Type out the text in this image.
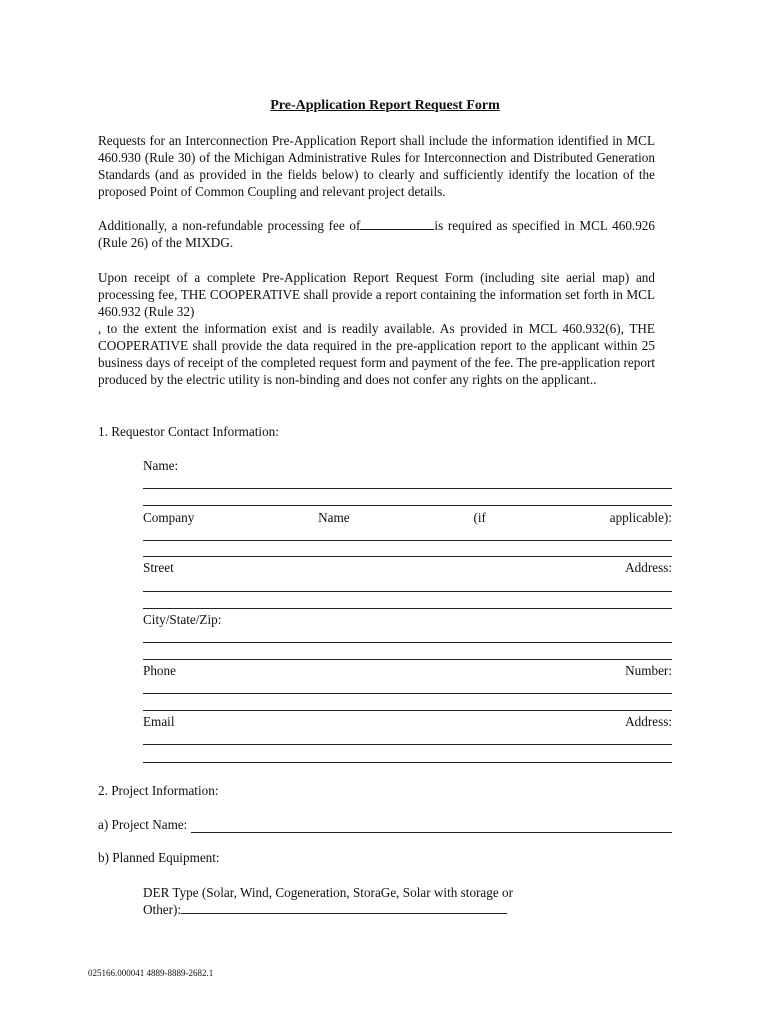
Pre-Application Report Request Form
Requests for an Interconnection Pre-Application Report shall include the information identified in MCL 460.930 (Rule 30) of the Michigan Administrative Rules for Interconnection and Distributed Generation Standards (and as provided in the fields below) to clearly and sufficiently identify the location of the proposed Point of Common Coupling and relevant project details.
Additionally, a non-refundable processing fee of	is required as specified in MCL 460.926 (Rule 26) of the MIXDG.
Upon receipt of a complete Pre-Application Report Request Form (including site aerial map) and processing fee, THE COOPERATIVE shall provide a report containing the information set forth in MCL 460.932 (Rule 32)
, to the extent the information exist and is readily available. As provided in MCL 460.932(6), THE COOPERATIVE shall provide the data required in the pre-application report to the applicant within 25 business days of receipt of the completed request form and payment of the fee. The pre-application report produced by the electric utility is non-binding and does not confer any rights on the applicant..
1. Requestor Contact Information:
Name:
Company	Name	(if	applicable):
Street	Address:
City/State/Zip:
Phone	Number:
Email	Address:
2. Project Information:
a) Project Name:
b) Planned Equipment:
DER Type (Solar, Wind, Cogeneration, StoraGe, Solar with storage or
Other):
025166.000041 4889-8889-2682.1
